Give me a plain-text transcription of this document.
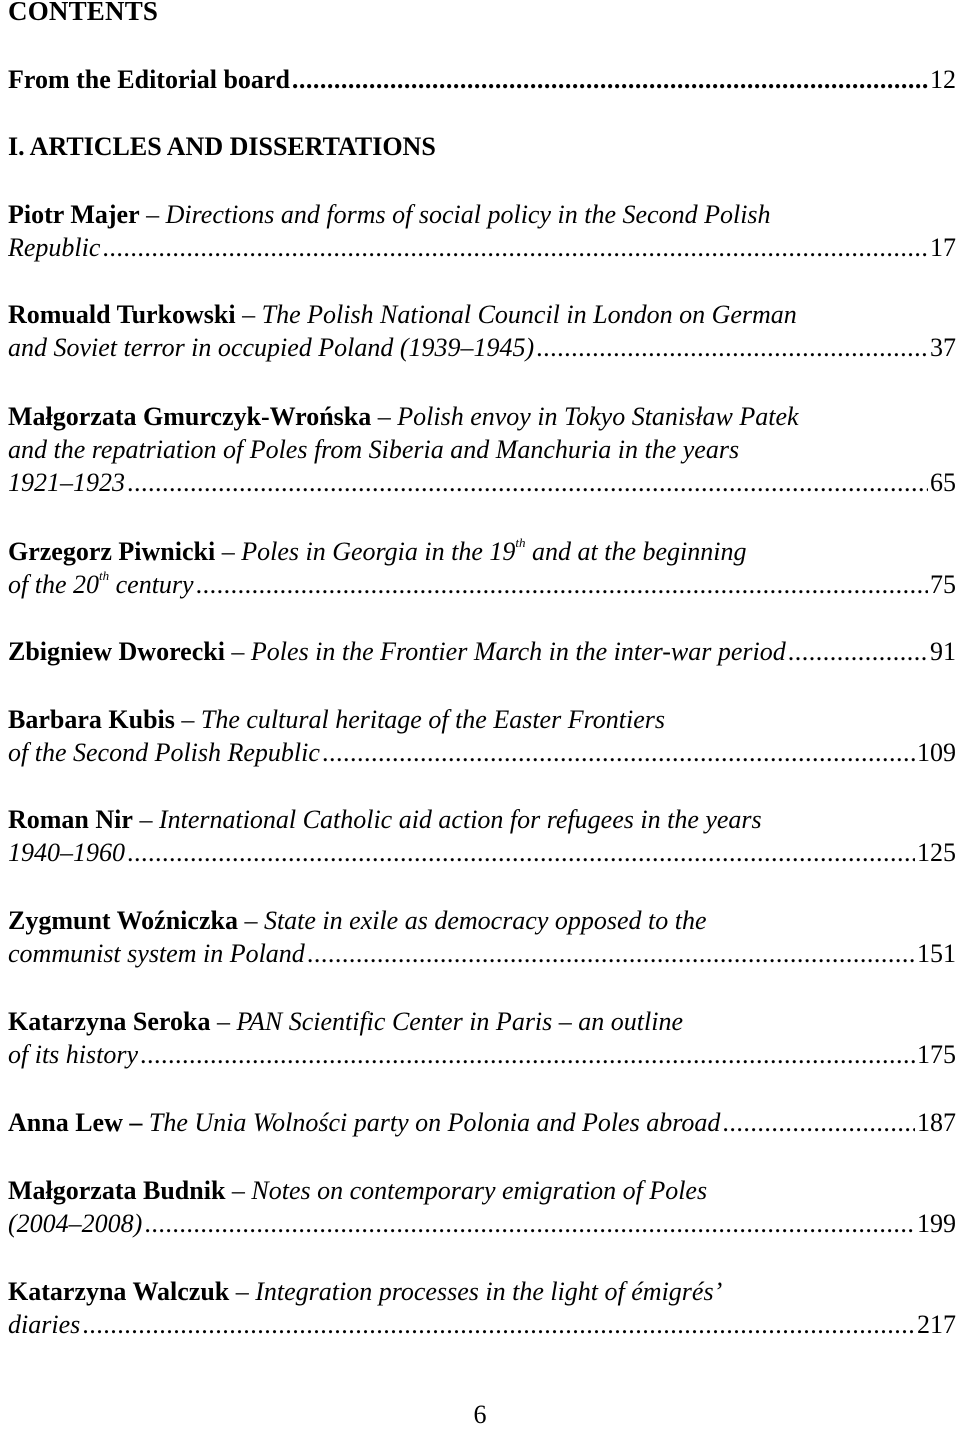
CONTENTS
From the Editorial board .....	12
I. ARTICLES AND DISSERTATIONS
Piotr Majer – Directions and forms of social policy in the Second Polish
Republic .....	17
Romuald Turkowski – The Polish National Council in London on German
and Soviet terror in occupied Poland (1939–1945) .....	37
Małgorzata Gmurczyk-Wrońska – Polish envoy in Tokyo Stanisław Patek
and the repatriation of Poles from Siberia and Manchuria in the years
1921–1923 .....	65
Grzegorz Piwnicki – Poles in Georgia in the 19th and at the beginning
of the 20th century .....	75
Zbigniew Dworecki – Poles in the Frontier March in the inter-war period .....	91
Barbara Kubis – The cultural heritage of the Easter Frontiers
of the Second Polish Republic .....	109
Roman Nir – International Catholic aid action for refugees in the years
1940–1960 .....	125
Zygmunt Woźniczka – State in exile as democracy opposed to the
communist system in Poland .....	151
Katarzyna Seroka – PAN Scientific Center in Paris – an outline
of its history .....	175
Anna Lew – The Unia Wolności party on Polonia and Poles abroad .....	187
Małgorzata Budnik – Notes on contemporary emigration of Poles
(2004–2008) .....	199
Katarzyna Walczuk – Integration processes in the light of émigrés’
diaries .....	217
6
